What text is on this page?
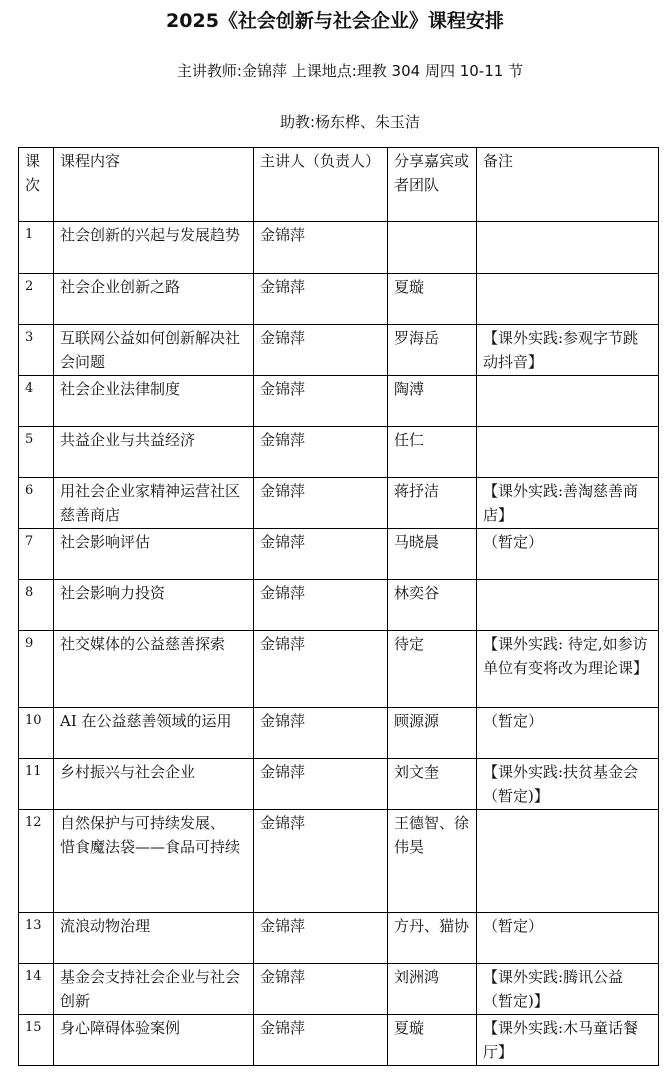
2025《社会创新与社会企业》课程安排
主讲教师:金锦萍 上课地点:理教 304 周四 10-11 节
助教:杨东桦、朱玉洁
课次	课程内容	主讲人（负责人）	分享嘉宾或者团队	备注
1	社会创新的兴起与发展趋势	金锦萍		
2	社会企业创新之路	金锦萍	夏璇	
3	互联网公益如何创新解决社会问题	金锦萍	罗海岳	【课外实践:参观字节跳动抖音】
4	社会企业法律制度	金锦萍	陶溥	
5	共益企业与共益经济	金锦萍	任仁	
6	用社会企业家精神运营社区慈善商店	金锦萍	蒋抒洁	【课外实践:善淘慈善商店】
7	社会影响评估	金锦萍	马晓晨	（暂定）
8	社会影响力投资	金锦萍	林奕谷	
9	社交媒体的公益慈善探索	金锦萍	待定	【课外实践: 待定,如参访单位有变将改为理论课】
10	AI 在公益慈善领域的运用	金锦萍	顾源源	（暂定）
11	乡村振兴与社会企业	金锦萍	刘文奎	【课外实践:扶贫基金会（暂定)】
12	自然保护与可持续发展、
惜食魔法袋——食品可持续	金锦萍	王德智、徐伟昊	
13	流浪动物治理	金锦萍	方丹、猫协	（暂定）
14	基金会支持社会企业与社会创新	金锦萍	刘洲鸿	【课外实践:腾讯公益（暂定)】
15	身心障碍体验案例	金锦萍	夏璇	【课外实践:木马童话餐厅】
